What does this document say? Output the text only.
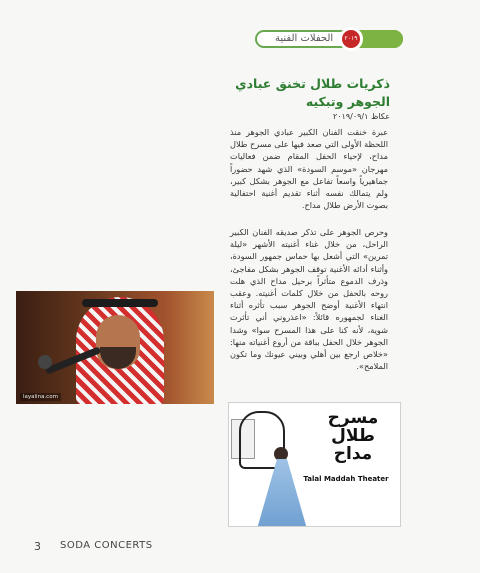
الحفلات الفنية	٢٠١٩
ذكريات طلال تخنق عبادي الجوهر وتبكيه
عكاظ ٢٠١٩/٠٩/١

عبرة خنقت الفنان الكبير عبادي الجوهر منذ اللحظة الأولى التي صعد فيها على مسرح طلال مداح، لإحياء الحفل المقام ضمن فعاليات مهرجان «موسم السودة» الذي شهد حضوراً جماهيرياً واسعاً تفاعل مع الجوهر بشكل كبير، ولم يتمالك نفسه أثناء تقديم أغنية احتفالية بصوت الأرض طلال مداح.

وحرص الجوهر على تذكر صديقه الفنان الكبير الراحل، من خلال غناء أغنيته الأشهر «ليلة تمرين» التي أشعل بها حماس جمهور السودة، وأثناء أدائه الأغنية توقف الجوهر بشكل مفاجئ، وذرف الدموع متأثراً برحيل مداح الذي هلت روحه بالحفل من خلال كلمات أغنيته. وعقب انتهاء الأغنية أوضح الجوهر سبب تأثره أثناء الغناء لجمهوره قائلاً: «اعذروني أني تأثرت شوية، لأنه كنا على هذا المسرح سوا» وشدا الجوهر خلال الحفل بباقة من أروع أغنياته منها: «خلاص ارجع بين أهلي وبيني عيونك وما تكون الملامح».

layalina.com
مسرح طلال مداح
Talal Maddah Theater
3 SODA CONCERTS
